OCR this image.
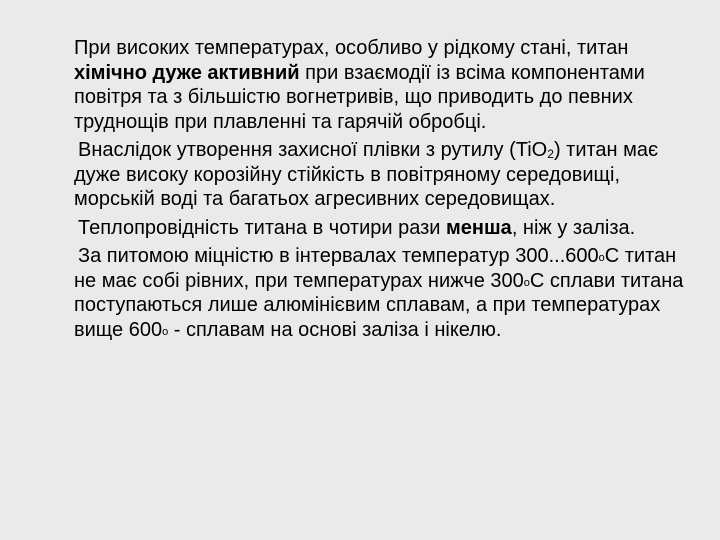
При високих температурах, особливо у рідкому стані, титан хімічно дуже активний при взаємодії із всіма компонентами повітря та з більшістю вогнетривів, що приводить до певних труднощів при плавленні та гарячій обробці.

Внаслідок утворення захисної плівки з рутилу (TiO2) титан має дуже високу корозійну стійкість в повітряному середовищі, морській воді та багатьох агресивних середовищах.

Теплопровідність титана в чотири рази менша, ніж у заліза.

За питомою міцністю в інтервалах температур 300...600оС титан не має собі рівних, при температурах нижче 300оС сплави титана поступаються лише алюмінієвим сплавам, а при температурах вище 600о - сплавам на основі заліза і нікелю.
